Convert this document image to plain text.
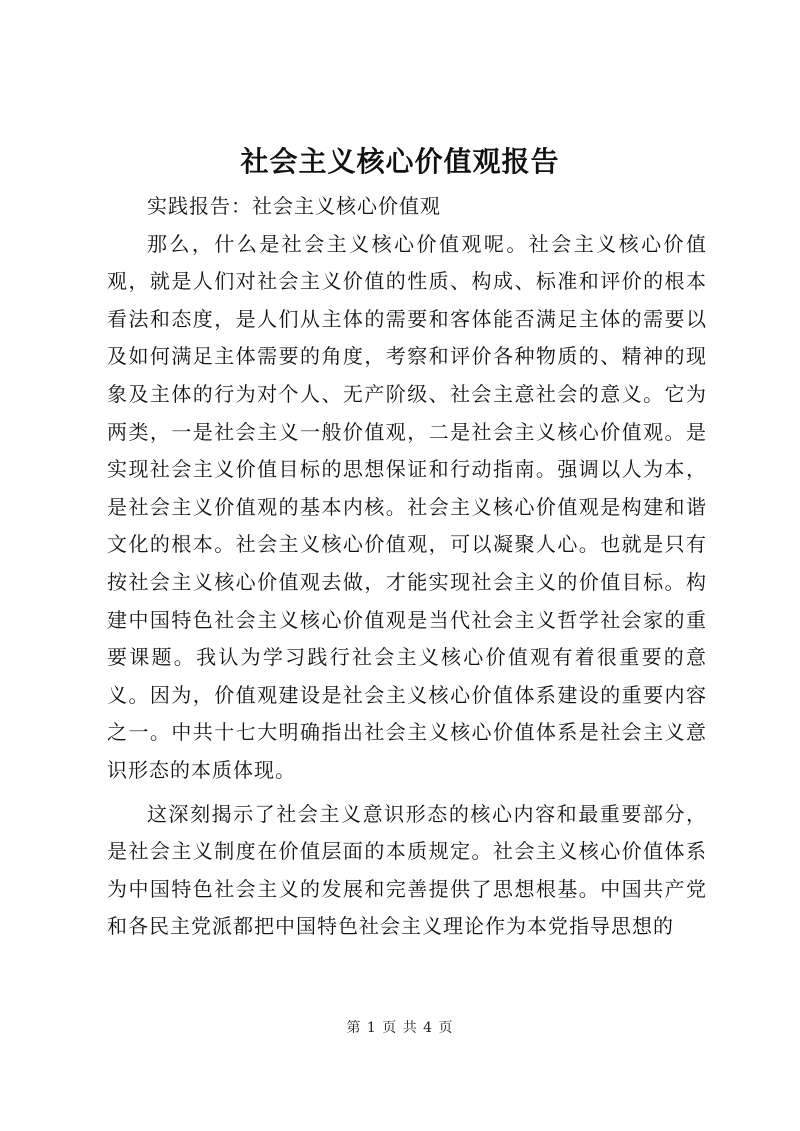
社会主义核心价值观报告

实践报告：社会主义核心价值观

那么，什么是社会主义核心价值观呢。社会主义核心价值观，就是人们对社会主义价值的性质、构成、标准和评价的根本看法和态度，是人们从主体的需要和客体能否满足主体的需要以及如何满足主体需要的角度，考察和评价各种物质的、精神的现象及主体的行为对个人、无产阶级、社会主意社会的意义。它为两类，一是社会主义一般价值观，二是社会主义核心价值观。是实现社会主义价值目标的思想保证和行动指南。强调以人为本，是社会主义价值观的基本内核。社会主义核心价值观是构建和谐文化的根本。社会主义核心价值观，可以凝聚人心。也就是只有按社会主义核心价值观去做，才能实现社会主义的价值目标。构建中国特色社会主义核心价值观是当代社会主义哲学社会家的重要课题。我认为学习践行社会主义核心价值观有着很重要的意义。因为，价值观建设是社会主义核心价值体系建设的重要内容之一。中共十七大明确指出社会主义核心价值体系是社会主义意识形态的本质体现。

这深刻揭示了社会主义意识形态的核心内容和最重要部分，是社会主义制度在价值层面的本质规定。社会主义核心价值体系为中国特色社会主义的发展和完善提供了思想根基。中国共产党和各民主党派都把中国特色社会主义理论作为本党指导思想的

第 1 页 共 4 页
